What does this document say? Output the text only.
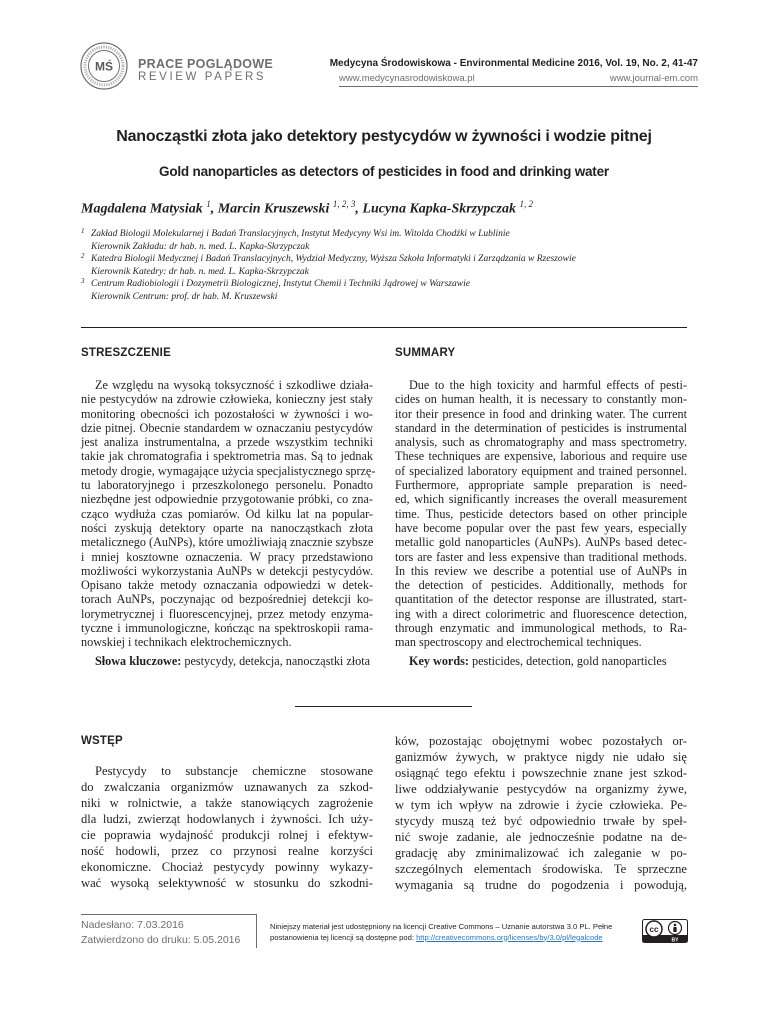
MŚ PRACE POGLĄDOWE
REVIEW PAPERS
Medycyna Środowiskowa - Environmental Medicine 2016, Vol. 19, No. 2, 41-47
www.medycynasrodowiskowa.pl	www.journal-em.com
Nanocząstki złota jako detektory pestycydów w żywności i wodzie pitnej
Gold nanoparticles as detectors of pesticides in food and drinking water
Magdalena Matysiak $^1$, Marcin Kruszewski $^{1, 2, 3}$, Lucyna Kapka-Skrzypczak $^{1, 2}$
1 Zakład Biologii Molekularnej i Badań Translacyjnych, Instytut Medycyny Wsi im. Witolda Chodźki w Lublinie
Kierownik Zakładu: dr hab. n. med. L. Kapka-Skrzypczak
2 Katedra Biologii Medycznej i Badań Translacyjnych, Wydział Medyczny, Wyższa Szkoła Informatyki i Zarządzania w Rzeszowie
Kierownik Katedry: dr hab. n. med. L. Kapka-Skrzypczak
3 Centrum Radiobiologii i Dozymetrii Biologicznej, Instytut Chemii i Techniki Jądrowej w Warszawie
Kierownik Centrum: prof. dr hab. M. Kruszewski
STRESZCZENIE	SUMMARY
Ze względu na wysoką toksyczność i szkodliwe działa-
nie pestycydów na zdrowie człowieka, konieczny jest stały
monitoring obecności ich pozostałości w żywności i wo-
dzie pitnej. Obecnie standardem w oznaczaniu pestycydów
jest analiza instrumentalna, a przede wszystkim techniki
takie jak chromatografia i spektrometria mas. Są to jednak
metody drogie, wymagające użycia specjalistycznego sprzę-
tu laboratoryjnego i przeszkolonego personelu. Ponadto
niezbędne jest odpowiednie przygotowanie próbki, co zna-
cząco wydłuża czas pomiarów. Od kilku lat na popular-
ności zyskują detektory oparte na nanocząstkach złota
metalicznego (AuNPs), które umożliwiają znacznie szybsze
i mniej kosztowne oznaczenia. W pracy przedstawiono
możliwości wykorzystania AuNPs w detekcji pestycydów.
Opisano także metody oznaczania odpowiedzi w detek-
torach AuNPs, poczynając od bezpośredniej detekcji ko-
lorymetrycznej i fluorescencyjnej, przez metody enzyma-
tyczne i immunologiczne, kończąc na spektroskopii rama-
nowskiej i technikach elektrochemicznych.
Due to the high toxicity and harmful effects of pesti-
cides on human health, it is necessary to constantly mon-
itor their presence in food and drinking water. The current
standard in the determination of pesticides is instrumental
analysis, such as chromatography and mass spectrometry.
These techniques are expensive, laborious and require use
of specialized laboratory equipment and trained personnel.
Furthermore, appropriate sample preparation is need-
ed, which significantly increases the overall measurement
time. Thus, pesticide detectors based on other principle
have become popular over the past few years, especially
metallic gold nanoparticles (AuNPs). AuNPs based detec-
tors are faster and less expensive than traditional methods.
In this review we describe a potential use of AuNPs in
the detection of pesticides. Additionally, methods for
quantitation of the detector response are illustrated, start-
ing with a direct colorimetric and fluorescence detection,
through enzymatic and immunological methods, to Ra-
man spectroscopy and electrochemical techniques.
Słowa kluczowe: pestycydy, detekcja, nanocząstki złota	Key words: pesticides, detection, gold nanoparticles
WSTĘP
Pestycydy to substancje chemiczne stosowane
do zwalczania organizmów uznawanych za szkod-
niki w rolnictwie, a także stanowiących zagrożenie
dla ludzi, zwierząt hodowlanych i żywności. Ich uży-
cie poprawia wydajność produkcji rolnej i efektyw-
ność hodowli, przez co przynosi realne korzyści
ekonomiczne. Chociaż pestycydy powinny wykazy-
wać wysoką selektywność w stosunku do szkodni-
ków, pozostając obojętnymi wobec pozostałych or-
ganizmów żywych, w praktyce nigdy nie udało się
osiągnąć tego efektu i powszechnie znane jest szkod-
liwe oddziaływanie pestycydów na organizmy żywe,
w tym ich wpływ na zdrowie i życie człowieka. Pe-
stycydy muszą też być odpowiednio trwałe by speł-
nić swoje zadanie, ale jednocześnie podatne na de-
gradację aby zminimalizować ich zaleganie w po-
szczególnych elementach środowiska. Te sprzeczne
wymagania są trudne do pogodzenia i powodują,
Nadesłano: 7.03.2016
Zatwierdzono do druku: 5.05.2016
Niniejszy materiał jest udostępniony na licencji Creative Commons – Uznanie autorstwa 3.0 PL. Pełne postanowienia tej licencji są dostępne pod: http://creativecommons.org/licenses/by/3.0/pl/legalcode
cc
BY
